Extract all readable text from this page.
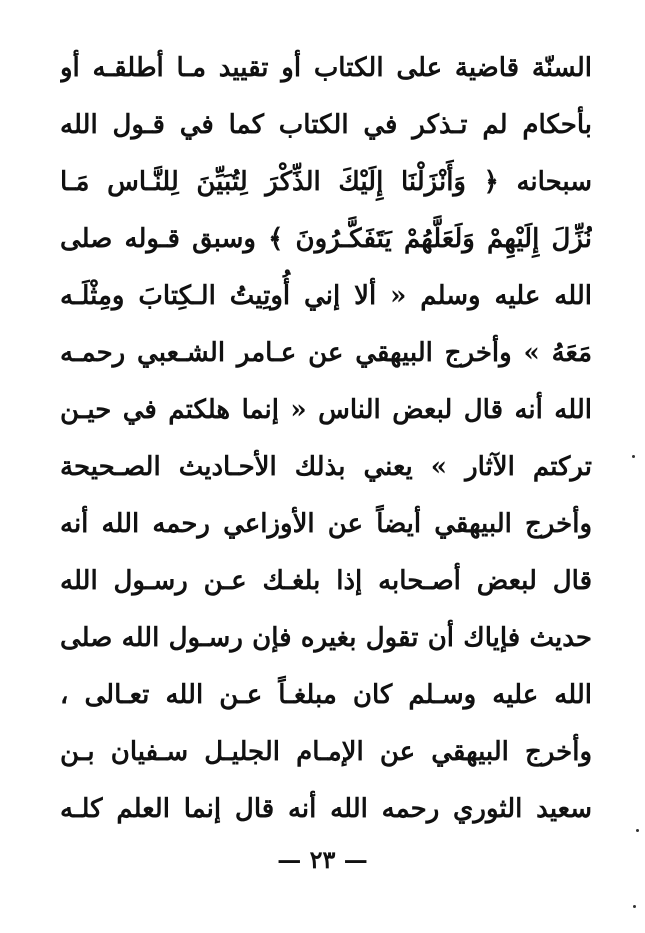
السنّة قاضية على الكتاب أو تقييد مـا أطلقـه أو
بأحكام لم تـذكر في الكتاب كما في قـول الله
سبحانه ﴿ وَأَنْزَلْنَا إِلَيْكَ الذِّكْرَ لِتُبَيِّنَ لِلنَّـاس مَـا
نُزِّلَ إِلَيْهِمْ وَلَعَلَّهُمْ يَتَفَكَّـرُونَ ﴾ وسبق قـوله صلى
الله عليه وسلم « ألا إني أُوتِيتُ الـكِتابَ ومِثْلَـه
مَعَهُ » وأخرج البيهقي عن عـامر الشـعبي رحمـه
الله أنه قال لبعض الناس « إنما هلكتم في حيـن
تركتم الآثار » يعني بذلك الأحـاديث الصـحيحة
وأخرج البيهقي أيضاً عن الأوزاعي رحمه الله أنه
قال لبعض أصـحابه إذا بلغـك عـن رسـول الله
حديث فإياك أن تقول بغيره فإن رسـول الله صلى
الله عليه وسـلم كان مبلغـاً عـن الله تعـالى ،
وأخرج البيهقي عن الإمـام الجليـل سـفيان بـن
سعيد الثوري رحمه الله أنه قال إنما العلم كلـه
— ٢٣ —
